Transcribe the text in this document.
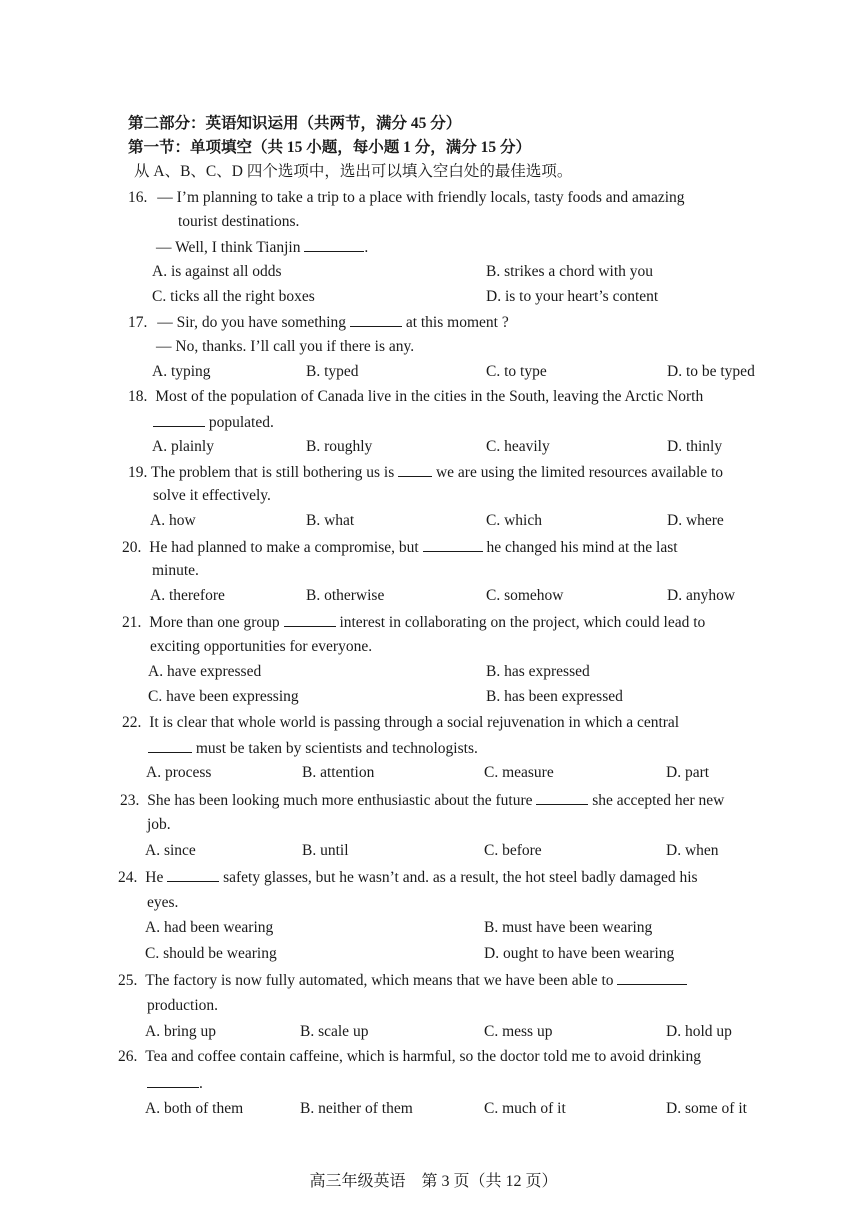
第二部分：英语知识运用（共两节，满分 45 分）
第一节：单项填空（共 15 小题，每小题 1 分，满分 15 分）
从 A、B、C、D 四个选项中，选出可以填入空白处的最佳选项。
16. — I’m planning to take a trip to a place with friendly locals, tasty foods and amazing
tourist destinations.
— Well, I think Tianjin	.
A. is against all odds	B. strikes a chord with you
C. ticks all the right boxes	D. is to your heart’s content
17. — Sir, do you have something	at this moment ?
— No, thanks. I’ll call you if there is any.
A. typing	B. typed	C. to type	D. to be typed
18. Most of the population of Canada live in the cities in the South, leaving the Arctic North
populated.
A. plainly	B. roughly	C. heavily	D. thinly
19. The problem that is still bothering us is	we are using the limited resources available to
solve it effectively.
A. how	B. what	C. which	D. where
20. He had planned to make a compromise, but	he changed his mind at the last
minute.
A. therefore	B. otherwise	C. somehow	D. anyhow
21. More than one group	interest in collaborating on the project, which could lead to
exciting opportunities for everyone.
A. have expressed	B. has expressed
C. have been expressing	B. has been expressed
22. It is clear that whole world is passing through a social rejuvenation in which a central
must be taken by scientists and technologists.
A. process	B. attention	C. measure	D. part
23. She has been looking much more enthusiastic about the future	she accepted her new
job.
A. since	B. until	C. before	D. when
24. He	safety glasses, but he wasn’t and. as a result, the hot steel badly damaged his
eyes.
A. had been wearing	B. must have been wearing
C. should be wearing	D. ought to have been wearing
25. The factory is now fully automated, which means that we have been able to
production.
A. bring up	B. scale up	C. mess up	D. hold up
26. Tea and coffee contain caffeine, which is harmful, so the doctor told me to avoid drinking
.
A. both of them	B. neither of them	C. much of it	D. some of it
高三年级英语　第 3 页（共 12 页）
